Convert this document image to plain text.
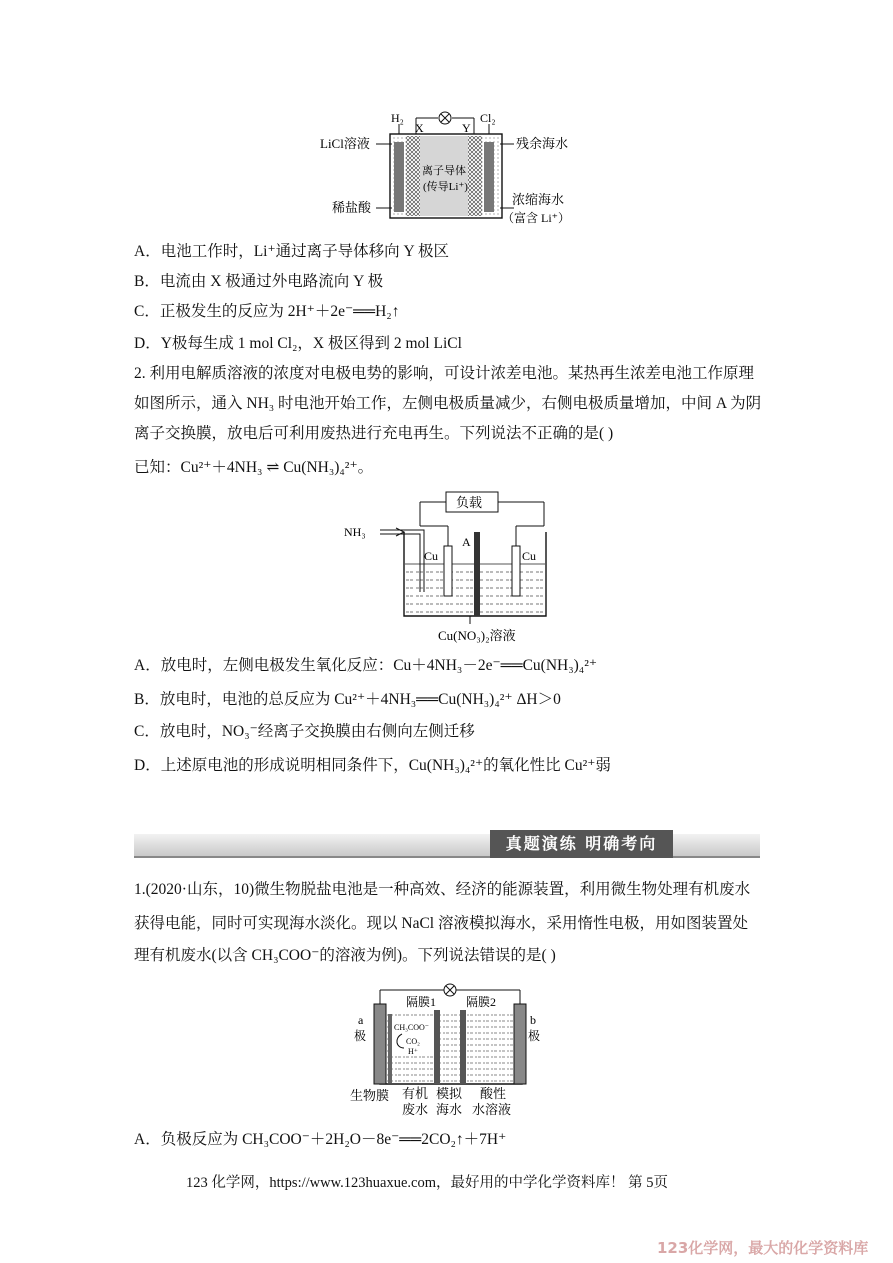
H₂
X	Y
Cl₂
LiCl溶液
稀盐酸
残余海水
浓缩海水
（富含 Li⁺）
离子导体
(传导Li⁺)
A．电池工作时，Li⁺通过离子导体移向 Y 极区
B．电流由 X 极通过外电路流向 Y 极
C．正极发生的反应为 2H⁺＋2e⁻══H₂↑
D．Y极每生成 1 mol Cl₂，X 极区得到 2 mol LiCl
2. 利用电解质溶液的浓度对电极电势的影响，可设计浓差电池。某热再生浓差电池工作原理
如图所示，通入 NH₃ 时电池开始工作，左侧电极质量减少，右侧电极质量增加，中间 A 为阴
离子交换膜，放电后可利用废热进行充电再生。下列说法不正确的是( )
已知：Cu²⁺＋4NH₃ ⇌ Cu(NH₃)₄²⁺。
负载
NH₃
Cu
A
Cu
Cu(NO₃)₂溶液
A．放电时，左侧电极发生氧化反应：Cu＋4NH₃－2e⁻══Cu(NH₃)₄²⁺
B．放电时，电池的总反应为 Cu²⁺＋4NH₃══Cu(NH₃)₄²⁺ ΔH＞0
C．放电时，NO₃⁻经离子交换膜由右侧向左侧迁移
D．上述原电池的形成说明相同条件下，Cu(NH₃)₄²⁺的氧化性比 Cu²⁺弱
真题演练 明确考向
1.(2020·山东，10)微生物脱盐电池是一种高效、经济的能源装置，利用微生物处理有机废水
获得电能，同时可实现海水淡化。现以 NaCl 溶液模拟海水，采用惰性电极，用如图装置处
理有机废水(以含 CH₃COO⁻的溶液为例)。下列说法错误的是( )
隔膜1 隔膜2
CH₃COO⁻
CO₂
H⁺
a
极
b
极
生物膜 有机
废水
模拟
海水
酸性
水溶液
A．负极反应为 CH₃COO⁻＋2H₂O－8e⁻══2CO₂↑＋7H⁺
123 化学网，https://www.123huaxue.com，最好用的中学化学资料库！ 第 5页
123化学网，最大的化学资料库
